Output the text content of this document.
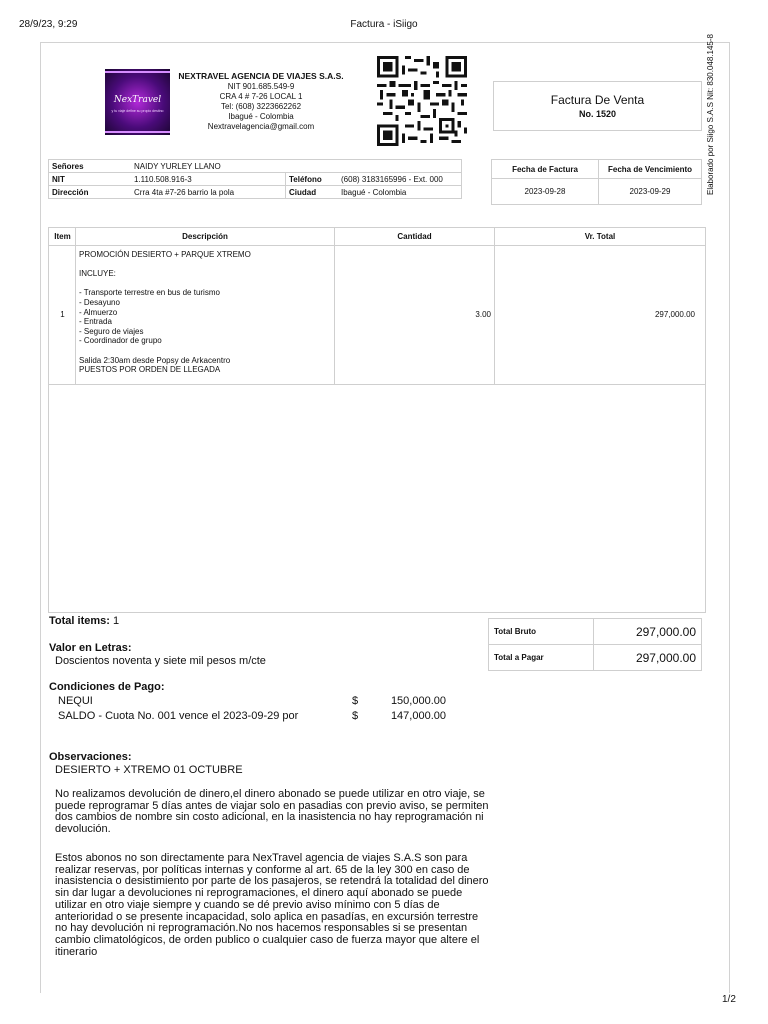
28/9/23, 9:29	Factura - iSiigo
1/2
NexTravel
y tu viaje define su propio destino
NEXTRAVEL AGENCIA DE VIAJES S.A.S.
NIT 901.685.549-9
CRA 4 # 7-26 LOCAL 1
Tel: (608) 3223662262
Ibagué - Colombia
Nextravelagencia@gmail.com
Factura De Venta
No. 1520	Elaborado por Siigo S.A.S Nit: 830.048.145-8
Señores	NAIDY YURLEY LLANO		
NIT	1.110.508.916-3	Teléfono	(608) 3183165996 - Ext. 000
Dirección	Crra 4ta #7-26 barrio la pola	Ciudad	Ibagué - Colombia
Fecha de Factura	Fecha de Vencimiento
2023-09-28	2023-09-29
Item	Descripción	Cantidad	Vr. Total
1
PROMOCIÓN DESIERTO + PARQUE XTREMO

INCLUYE:

- Transporte terrestre en bus de turismo
- Desayuno
- Almuerzo
- Entrada
- Seguro de viajes
- Coordinador de grupo

Salida 2:30am desde Popsy de Arkacentro
PUESTOS POR ORDEN DE LLEGADA
3.00	297,000.00
Total items: 1
Total Bruto	297,000.00
Total a Pagar	297,000.00
Valor en Letras:
Doscientos noventa y siete mil pesos m/cte
Condiciones de Pago:
NEQUI	$	150,000.00
SALDO - Cuota No. 001 vence el 2023-09-29 por	$	147,000.00
Observaciones:
DESIERTO + XTREMO 01 OCTUBRE
No realizamos devolución de dinero,el dinero abonado se puede utilizar en otro viaje, se
puede reprogramar 5 días antes de viajar solo en pasadias con previo aviso, se permiten
dos cambios de nombre sin costo adicional, en la inasistencia no hay reprogramación ni
devolución.
Estos abonos no son directamente para NexTravel agencia de viajes S.A.S son para
realizar reservas, por políticas internas y conforme al art. 65 de la ley 300 en caso de
inasistencia o desistimiento por parte de los pasajeros, se retendrá la totalidad del dinero
sin dar lugar a devoluciones ni reprogramaciones, el dinero aquí abonado se puede
utilizar en otro viaje siempre y cuando se dé previo aviso mínimo con 5 días de
anterioridad o se presente incapacidad, solo aplica en pasadías, en excursión terrestre
no hay devolución ni reprogramación.No nos hacemos responsables si se presentan
cambio climatológicos, de orden publico o cualquier caso de fuerza mayor que altere el
itinerario
